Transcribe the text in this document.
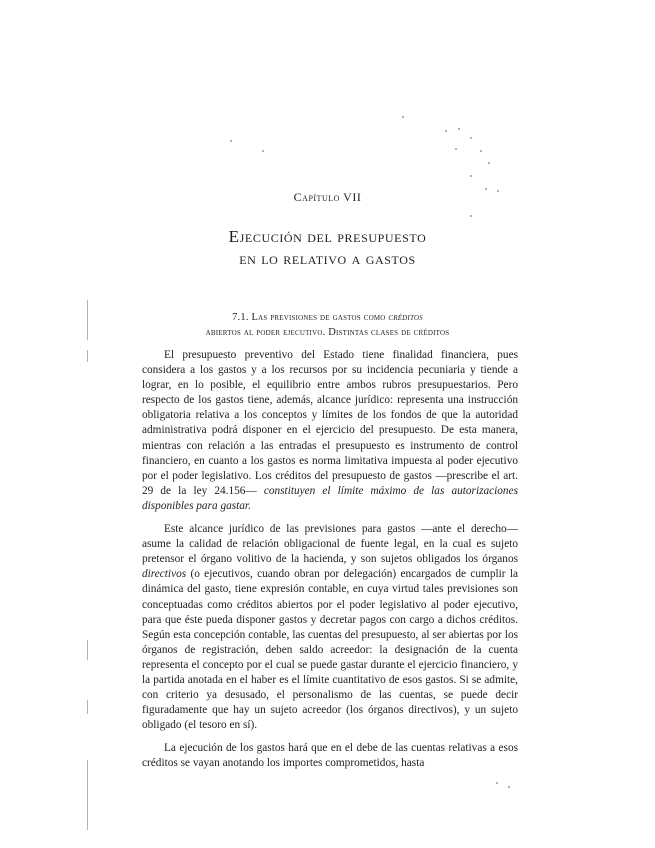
Capítulo VII
Ejecución del presupuesto
en lo relativo a gastos
7.1. Las previsiones de gastos como créditos
abiertos al poder ejecutivo. Distintas clases de créditos

El presupuesto preventivo del Estado tiene finalidad financiera, pues considera a los gastos y a los recursos por su incidencia pecuniaria y tiende a lograr, en lo posible, el equilibrio entre ambos rubros presupuestarios. Pero respecto de los gastos tiene, además, alcance jurídico: representa una instrucción obligatoria relativa a los conceptos y límites de los fondos de que la autoridad administrativa podrá disponer en el ejercicio del presupuesto. De esta manera, mientras con relación a las entradas el presupuesto es instrumento de control financiero, en cuanto a los gastos es norma limitativa impuesta al poder ejecutivo por el poder legislativo. Los créditos del presupuesto de gastos —prescribe el art. 29 de la ley 24.156— constituyen el límite máximo de las autorizaciones disponibles para gastar.

Este alcance jurídico de las previsiones para gastos —ante el derecho— asume la calidad de relación obligacional de fuente legal, en la cual es sujeto pretensor el órgano volitivo de la hacienda, y son sujetos obligados los órganos directivos (o ejecutivos, cuando obran por delegación) encargados de cumplir la dinámica del gasto, tiene expresión contable, en cuya virtud tales previsiones son conceptuadas como créditos abiertos por el poder legislativo al poder ejecutivo, para que éste pueda disponer gastos y decretar pagos con cargo a dichos créditos. Según esta concepción contable, las cuentas del presupuesto, al ser abiertas por los órganos de registración, deben saldo acreedor: la designación de la cuenta representa el concepto por el cual se puede gastar durante el ejercicio financiero, y la partida anotada en el haber es el límite cuantitativo de esos gastos. Si se admite, con criterio ya desusado, el personalismo de las cuentas, se puede decir figuradamente que hay un sujeto acreedor (los órganos directivos), y un sujeto obligado (el tesoro en sí).

La ejecución de los gastos hará que en el debe de las cuentas relativas a esos créditos se vayan anotando los importes comprometidos, hasta
